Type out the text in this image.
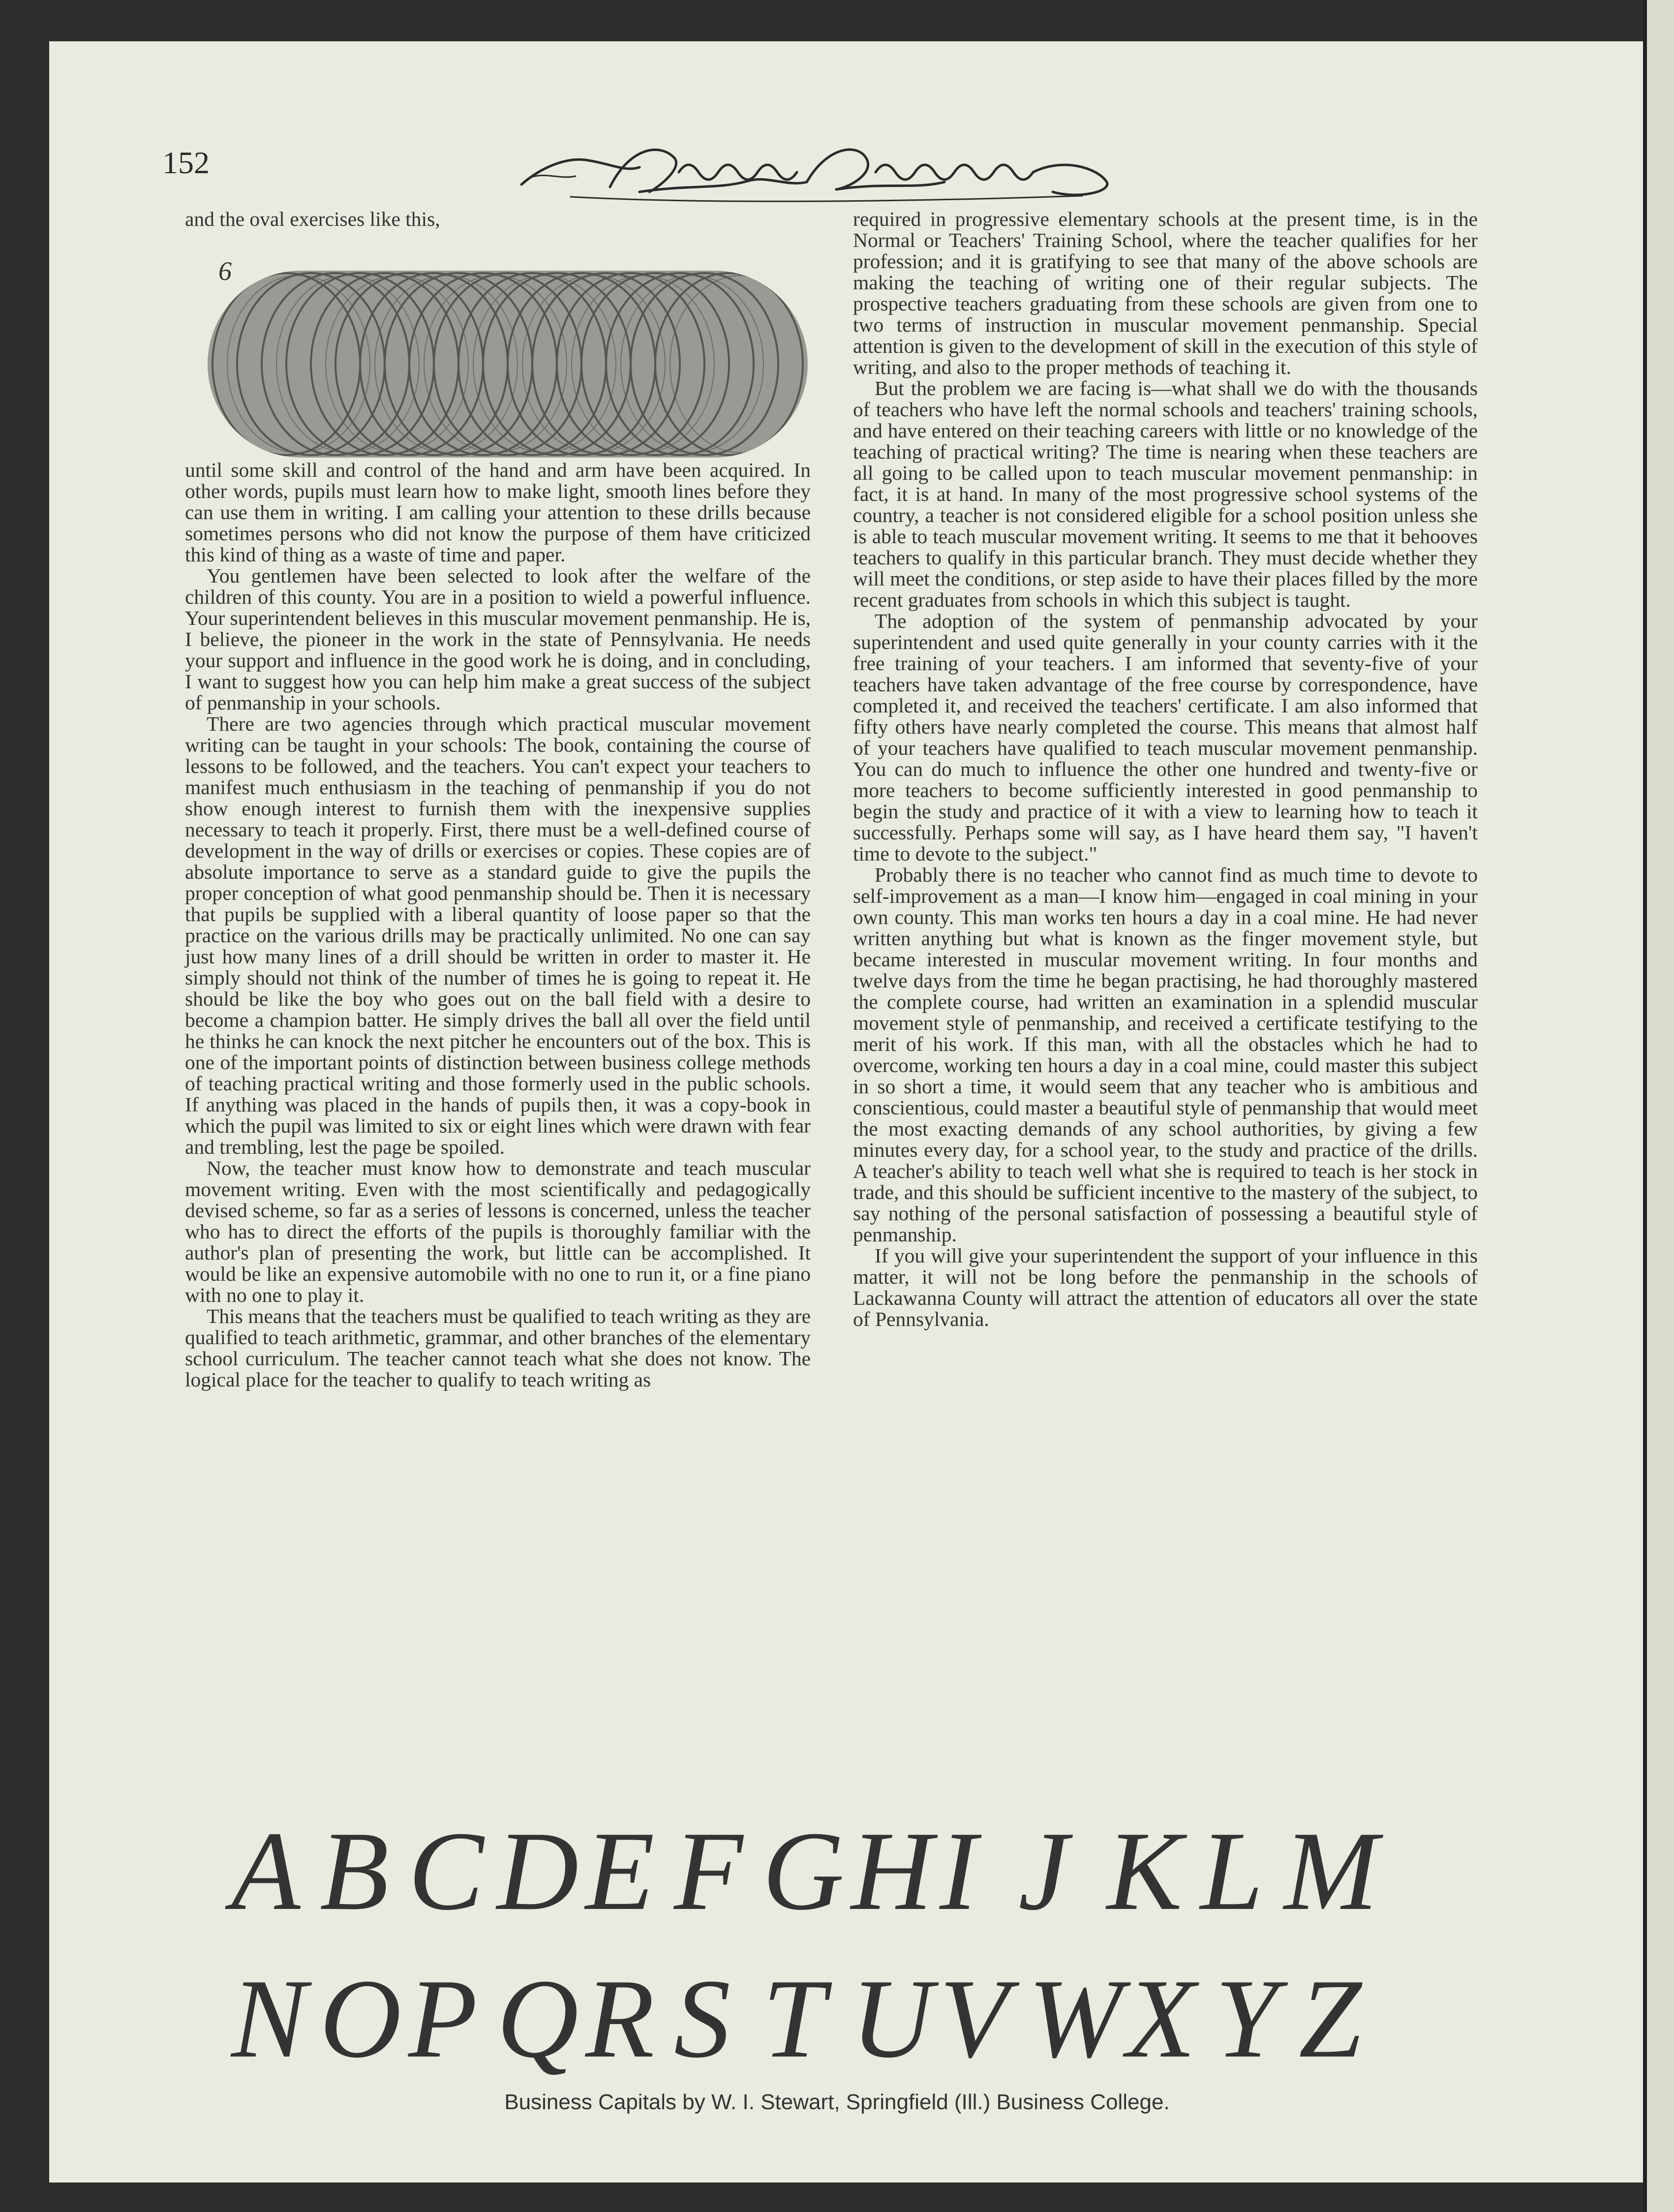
152

and the oval exercises like this,

6

until some skill and control of the hand and arm have been acquired. In other words, pupils must learn how to make light, smooth lines before they can use them in writing. I am calling your attention to these drills because sometimes persons who did not know the purpose of them have criticized this kind of thing as a waste of time and paper.

You gentlemen have been selected to look after the welfare of the children of this county. You are in a position to wield a powerful influence. Your superintendent believes in this muscular movement penmanship. He is, I believe, the pioneer in the work in the state of Pennsylvania. He needs your support and influence in the good work he is doing, and in concluding, I want to suggest how you can help him make a great success of the subject of penmanship in your schools.

There are two agencies through which practical muscular movement writing can be taught in your schools: The book, containing the course of lessons to be followed, and the teachers. You can't expect your teachers to manifest much enthusiasm in the teaching of penmanship if you do not show enough interest to furnish them with the inexpensive supplies necessary to teach it properly. First, there must be a well-defined course of development in the way of drills or exercises or copies. These copies are of absolute importance to serve as a standard guide to give the pupils the proper conception of what good penmanship should be. Then it is necessary that pupils be supplied with a liberal quantity of loose paper so that the practice on the various drills may be practically unlimited. No one can say just how many lines of a drill should be written in order to master it. He simply should not think of the number of times he is going to repeat it. He should be like the boy who goes out on the ball field with a desire to become a champion batter. He simply drives the ball all over the field until he thinks he can knock the next pitcher he encounters out of the box. This is one of the important points of distinction between business college methods of teaching practical writing and those formerly used in the public schools. If anything was placed in the hands of pupils then, it was a copy-book in which the pupil was limited to six or eight lines which were drawn with fear and trembling, lest the page be spoiled.

Now, the teacher must know how to demonstrate and teach muscular movement writing. Even with the most scientifically and pedagogically devised scheme, so far as a series of lessons is concerned, unless the teacher who has to direct the efforts of the pupils is thoroughly familiar with the author's plan of presenting the work, but little can be accomplished. It would be like an expensive automobile with no one to run it, or a fine piano with no one to play it.

This means that the teachers must be qualified to teach writing as they are qualified to teach arithmetic, grammar, and other branches of the elementary school curriculum. The teacher cannot teach what she does not know. The logical place for the teacher to qualify to teach writing as

required in progressive elementary schools at the present time, is in the Normal or Teachers' Training School, where the teacher qualifies for her profession; and it is gratifying to see that many of the above schools are making the teaching of writing one of their regular subjects. The prospective teachers graduating from these schools are given from one to two terms of instruction in muscular movement penmanship. Special attention is given to the development of skill in the execution of this style of writing, and also to the proper methods of teaching it.

But the problem we are facing is—what shall we do with the thousands of teachers who have left the normal schools and teachers' training schools, and have entered on their teaching careers with little or no knowledge of the teaching of practical writing? The time is nearing when these teachers are all going to be called upon to teach muscular movement penmanship: in fact, it is at hand. In many of the most progressive school systems of the country, a teacher is not considered eligible for a school position unless she is able to teach muscular movement writing. It seems to me that it behooves teachers to qualify in this particular branch. They must decide whether they will meet the conditions, or step aside to have their places filled by the more recent graduates from schools in which this subject is taught.

The adoption of the system of penmanship advocated by your superintendent and used quite generally in your county carries with it the free training of your teachers. I am informed that seventy-five of your teachers have taken advantage of the free course by correspondence, have completed it, and received the teachers' certificate. I am also informed that fifty others have nearly completed the course. This means that almost half of your teachers have qualified to teach muscular movement penmanship. You can do much to influence the other one hundred and twenty-five or more teachers to become sufficiently interested in good penmanship to begin the study and practice of it with a view to learning how to teach it successfully. Perhaps some will say, as I have heard them say, "I haven't time to devote to the subject."

Probably there is no teacher who cannot find as much time to devote to self-improvement as a man—I know him—engaged in coal mining in your own county. This man works ten hours a day in a coal mine. He had never written anything but what is known as the finger movement style, but became interested in muscular movement writing. In four months and twelve days from the time he began practising, he had thoroughly mastered the complete course, had written an examination in a splendid muscular movement style of penmanship, and received a certificate testifying to the merit of his work. If this man, with all the obstacles which he had to overcome, working ten hours a day in a coal mine, could master this subject in so short a time, it would seem that any teacher who is ambitious and conscientious, could master a beautiful style of penmanship that would meet the most exacting demands of any school authorities, by giving a few minutes every day, for a school year, to the study and practice of the drills. A teacher's ability to teach well what she is required to teach is her stock in trade, and this should be sufficient incentive to the mastery of the subject, to say nothing of the personal satisfaction of possessing a beautiful style of penmanship.

If you will give your superintendent the support of your influence in this matter, it will not be long before the penmanship in the schools of Lackawanna County will attract the attention of educators all over the state of Pennsylvania.

A B C D E F G H I J K L M
N O P Q R S T U V W X Y Z
Business Capitals by W. I. Stewart, Springfield (Ill.) Business College.
